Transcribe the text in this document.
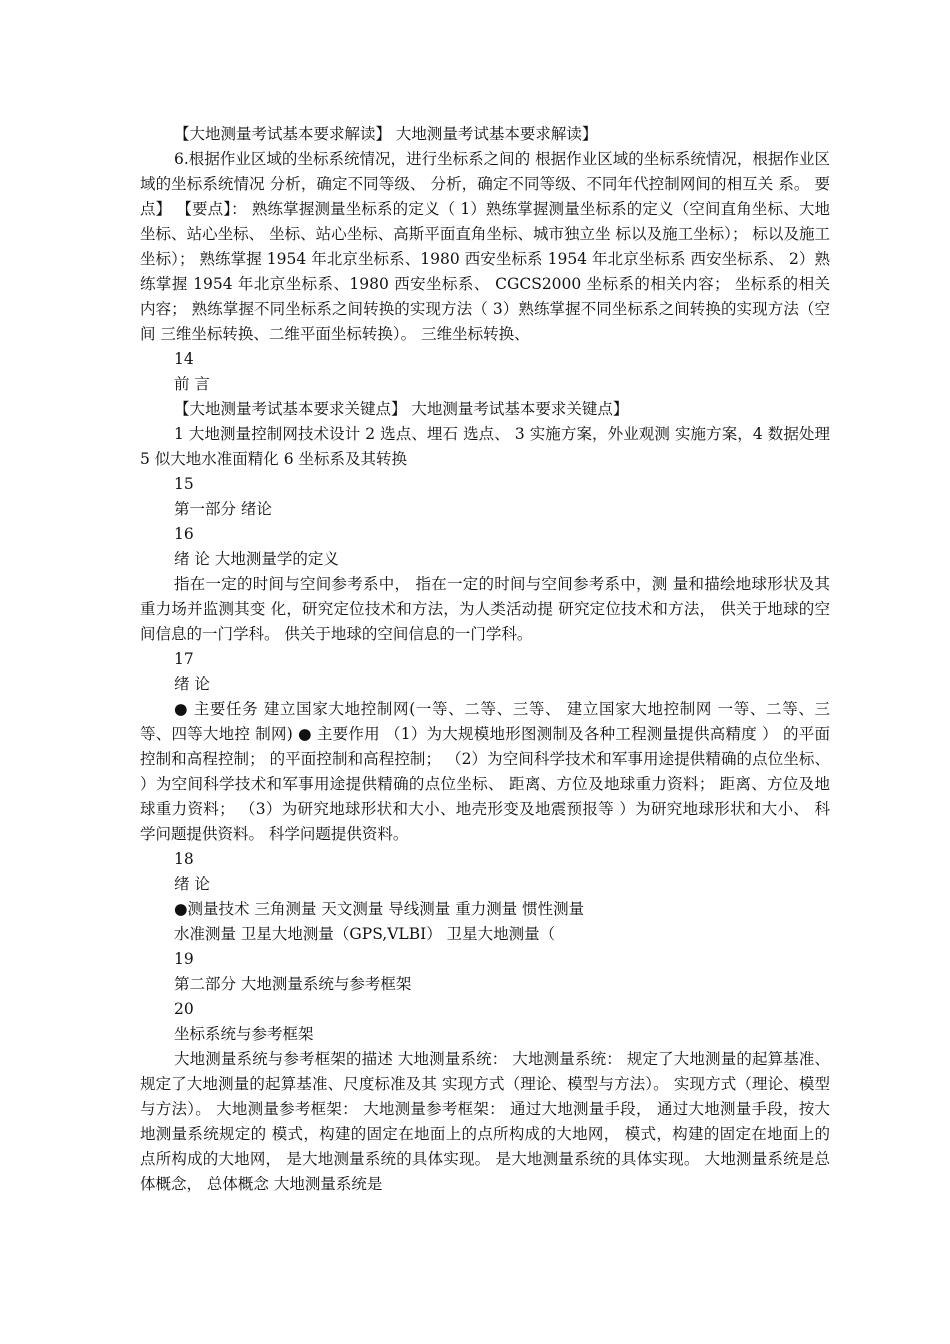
【大地测量考试基本要求解读】 大地测量考试基本要求解读】

6.根据作业区域的坐标系统情况，进行坐标系之间的 根据作业区域的坐标系统情况，根据作业区域的坐标系统情况 分析，确定不同等级、 分析，确定不同等级、不同年代控制网间的相互关 系。 要点】 【要点】： 熟练掌握测量坐标系的定义（ 1）熟练掌握测量坐标系的定义（空间直角坐标、大地 坐标、站心坐标、 坐标、站心坐标、高斯平面直角坐标、城市独立坐 标以及施工坐标）； 标以及施工坐标）； 熟练掌握 1954 年北京坐标系、1980 西安坐标系 1954 年北京坐标系 西安坐标系、 2）熟练掌握 1954 年北京坐标系、1980 西安坐标系、 CGCS2000 坐标系的相关内容； 坐标系的相关内容； 熟练掌握不同坐标系之间转换的实现方法（ 3）熟练掌握不同坐标系之间转换的实现方法（空间 三维坐标转换、二维平面坐标转换）。 三维坐标转换、

14

前 言

【大地测量考试基本要求关键点】 大地测量考试基本要求关键点】

1 大地测量控制网技术设计 2 选点、埋石 选点、 3 实施方案，外业观测 实施方案，4 数据处理 5 似大地水准面精化 6 坐标系及其转换

15

第一部分 绪论

16

绪 论 大地测量学的定义

指在一定的时间与空间参考系中， 指在一定的时间与空间参考系中，测 量和描绘地球形状及其重力场并监测其变 化，研究定位技术和方法，为人类活动提 研究定位技术和方法， 供关于地球的空间信息的一门学科。 供关于地球的空间信息的一门学科。

17

绪 论

● 主要任务 建立国家大地控制网(一等、二等、三等、 建立国家大地控制网 一等、二等、三等、四等大地控 制网) ● 主要作用 （1）为大规模地形图测制及各种工程测量提供高精度 ） 的平面控制和高程控制； 的平面控制和高程控制； （2）为空间科学技术和军事用途提供精确的点位坐标、 ）为空间科学技术和军事用途提供精确的点位坐标、 距离、方位及地球重力资料； 距离、方位及地球重力资料； （3）为研究地球形状和大小、地壳形变及地震预报等 ）为研究地球形状和大小、 科学问题提供资料。 科学问题提供资料。

18

绪 论

●测量技术 三角测量 天文测量 导线测量 重力测量 惯性测量

水准测量 卫星大地测量（GPS,VLBI） 卫星大地测量（

19

第二部分 大地测量系统与参考框架

20

坐标系统与参考框架

大地测量系统与参考框架的描述 大地测量系统： 大地测量系统： 规定了大地测量的起算基准、 规定了大地测量的起算基准、尺度标准及其 实现方式（理论、模型与方法）。 实现方式（理论、模型与方法）。 大地测量参考框架： 大地测量参考框架： 通过大地测量手段， 通过大地测量手段，按大地测量系统规定的 模式，构建的固定在地面上的点所构成的大地网， 模式，构建的固定在地面上的点所构成的大地网， 是大地测量系统的具体实现。 是大地测量系统的具体实现。 大地测量系统是总体概念， 总体概念 大地测量系统是
